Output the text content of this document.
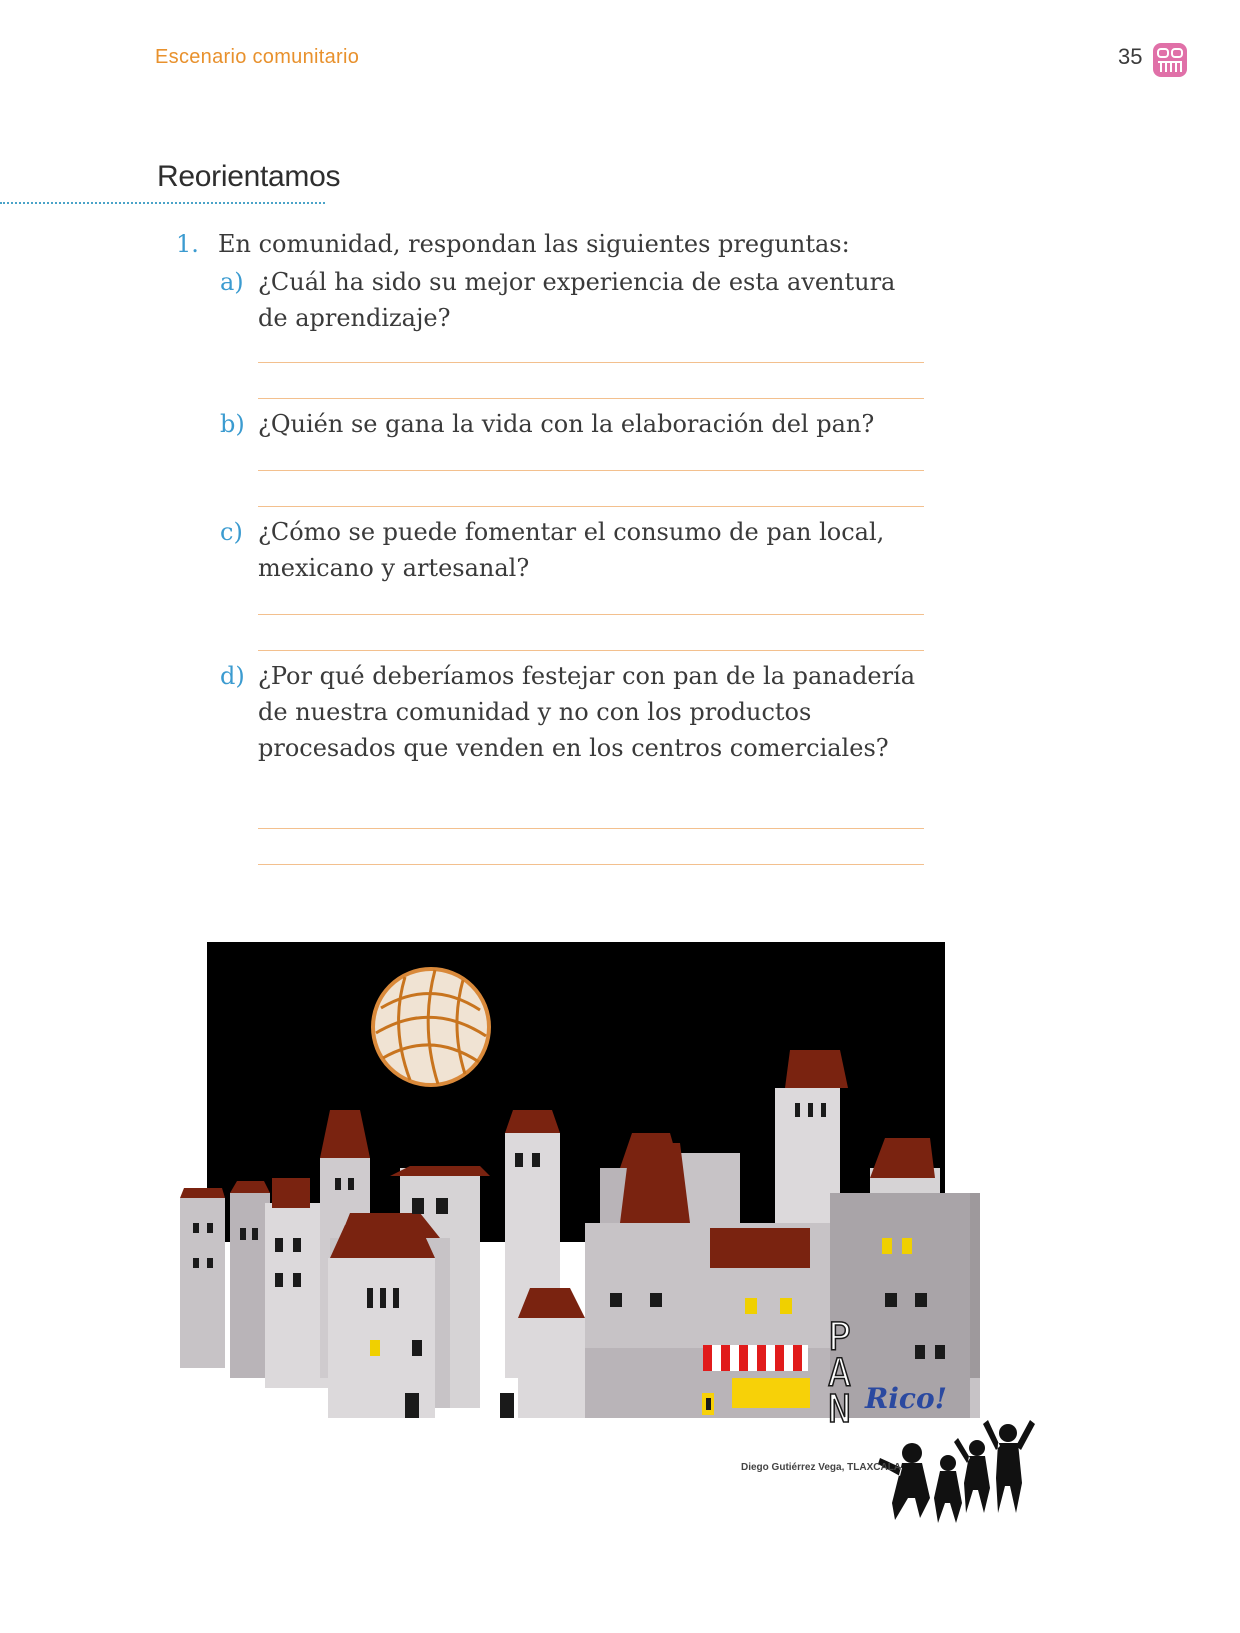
Escenario comunitario	35
Reorientamos
1. En comunidad, respondan las siguientes preguntas:
a) ¿Cuál ha sido su mejor experiencia de esta aventura de aprendizaje?
b) ¿Quién se gana la vida con la elaboración del pan?
c) ¿Cómo se puede fomentar el consumo de pan local, mexicano y artesanal?
d) ¿Por qué deberíamos festejar con pan de la panadería de nuestra comunidad y no con los productos procesados que venden en los centros comerciales?
P
A
N Rico!
Diego Gutiérrez Vega, TLAXCALA
